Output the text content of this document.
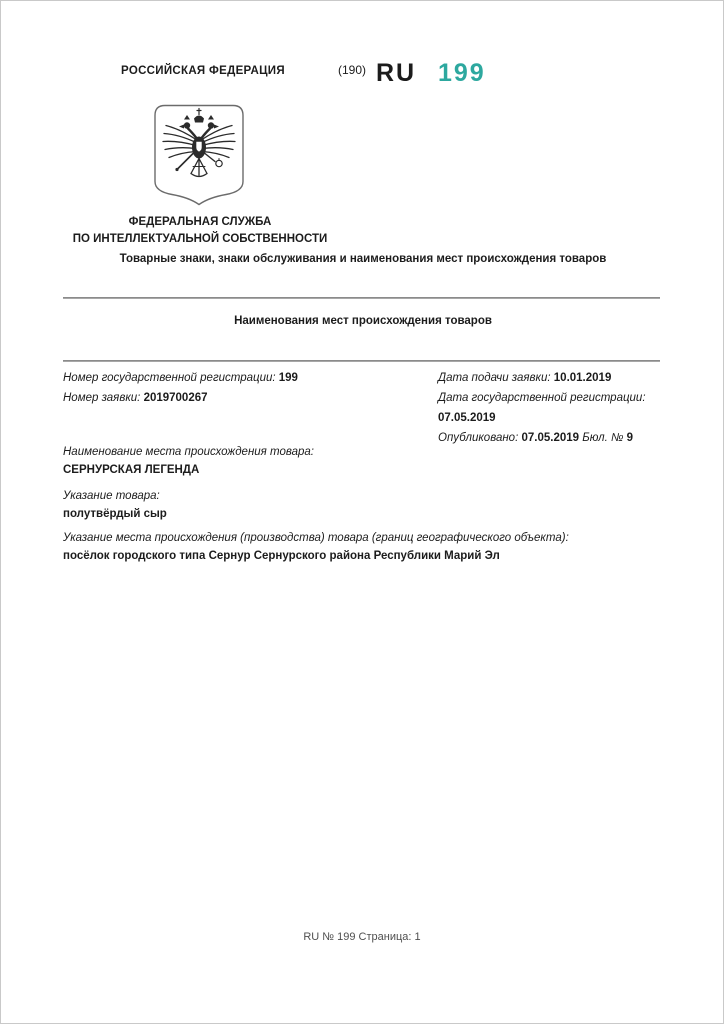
РОССИЙСКАЯ ФЕДЕРАЦИЯ	(190) RU 199
ФЕДЕРАЛЬНАЯ СЛУЖБА
ПО ИНТЕЛЛЕКТУАЛЬНОЙ СОБСТВЕННОСТИ
Товарные знаки, знаки обслуживания и наименования мест происхождения товаров
Наименования мест происхождения товаров
Номер государственной регистрации: 199
Номер заявки: 2019700267
Дата подачи заявки: 10.01.2019
Дата государственной регистрации:
07.05.2019
Опубликовано: 07.05.2019 Бюл. № 9
Наименование места происхождения товара:
СЕРНУРСКАЯ ЛЕГЕНДА
Указание товара:
полутвёрдый сыр
Указание места происхождения (производства) товара (границ географического объекта):
посёлок городского типа Сернур Сернурского района Республики Марий Эл
RU № 199 Страница: 1
